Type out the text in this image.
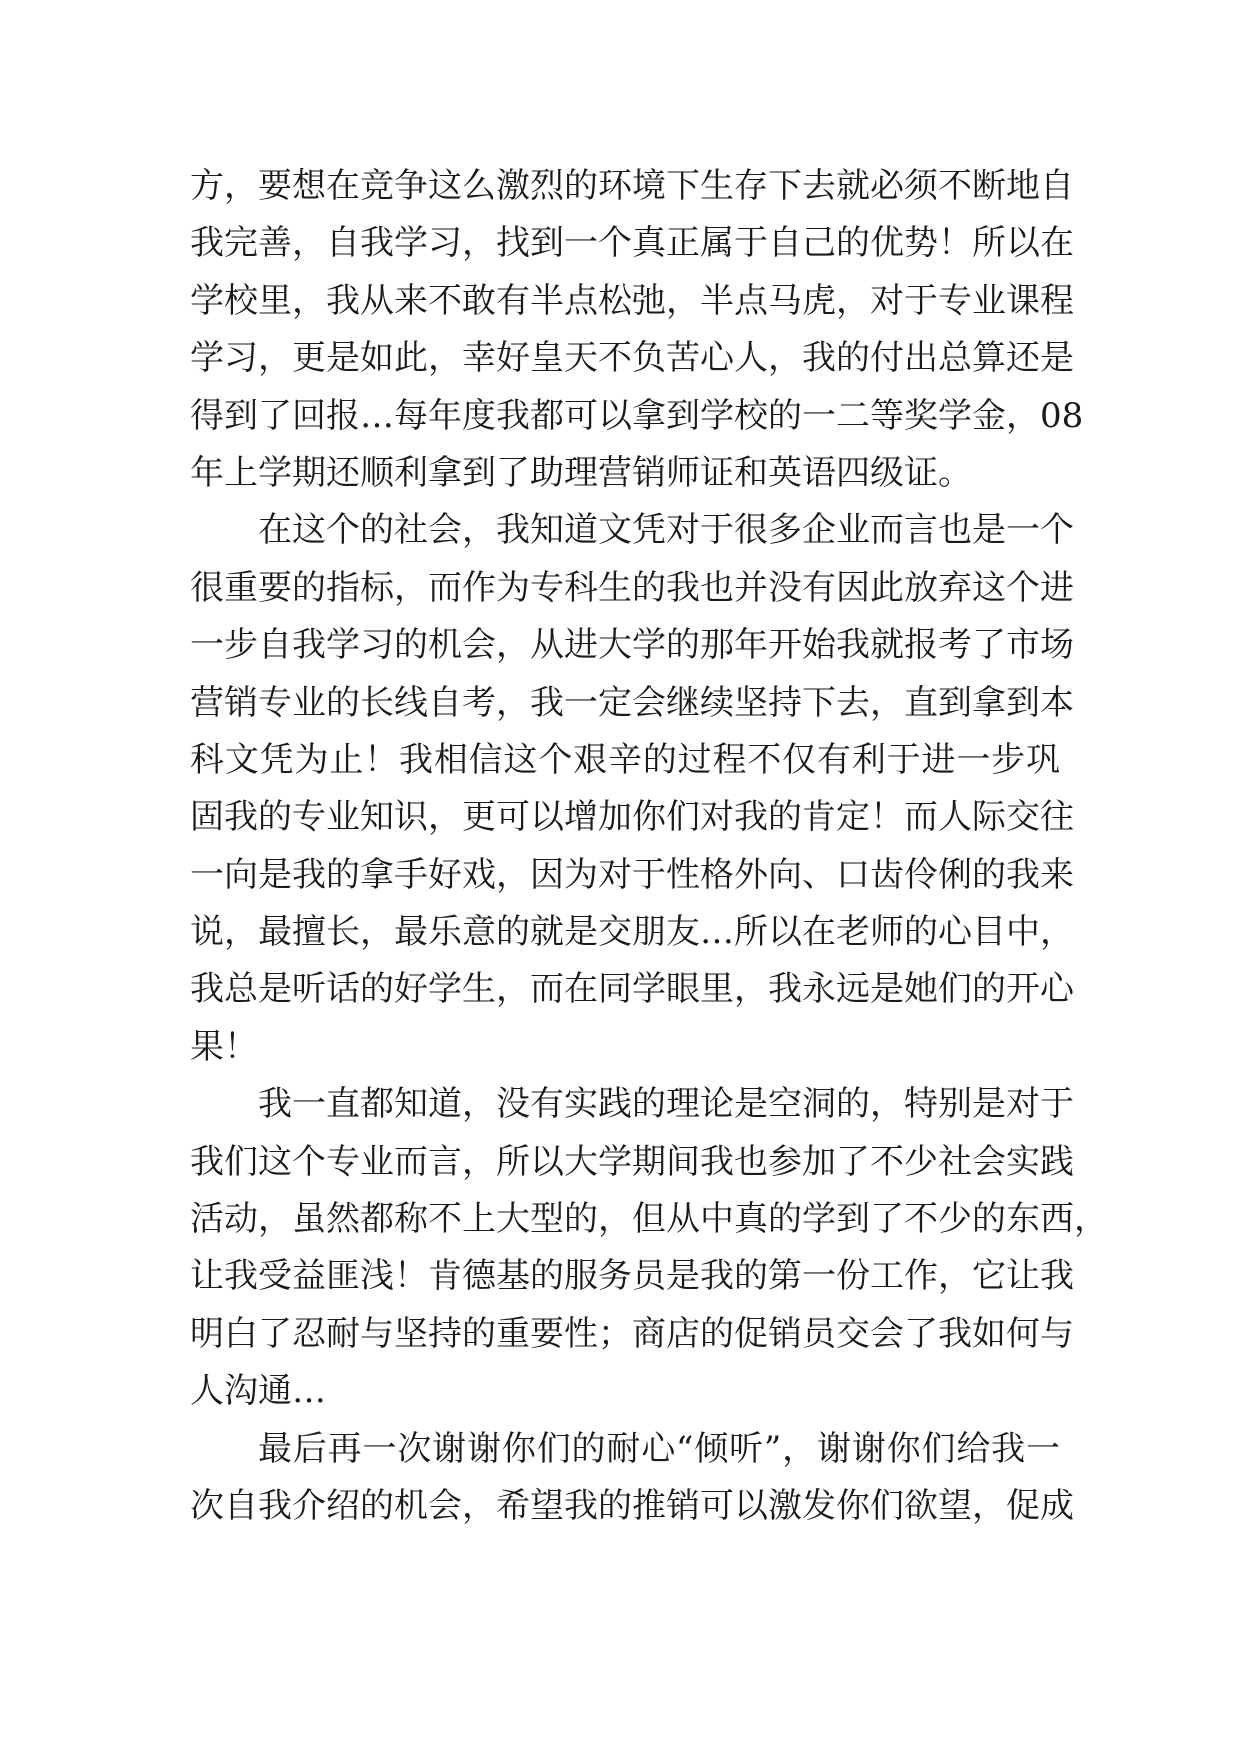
方，要想在竞争这么激烈的环境下生存下去就必须不断地自
我完善，自我学习，找到一个真正属于自己的优势！所以在
学校里，我从来不敢有半点松弛，半点马虎，对于专业课程
学习，更是如此，幸好皇天不负苦心人，我的付出总算还是
得到了回报…每年度我都可以拿到学校的一二等奖学金，08
年上学期还顺利拿到了助理营销师证和英语四级证。
在这个的社会，我知道文凭对于很多企业而言也是一个
很重要的指标，而作为专科生的我也并没有因此放弃这个进
一步自我学习的机会，从进大学的那年开始我就报考了市场
营销专业的长线自考，我一定会继续坚持下去，直到拿到本
科文凭为止！我相信这个艰辛的过程不仅有利于进一步巩
固我的专业知识，更可以增加你们对我的肯定！而人际交往
一向是我的拿手好戏，因为对于性格外向、口齿伶俐的我来
说，最擅长，最乐意的就是交朋友…所以在老师的心目中，
我总是听话的好学生，而在同学眼里，我永远是她们的开心
果！
我一直都知道，没有实践的理论是空洞的，特别是对于
我们这个专业而言，所以大学期间我也参加了不少社会实践
活动，虽然都称不上大型的，但从中真的学到了不少的东西，
让我受益匪浅！肯德基的服务员是我的第一份工作，它让我
明白了忍耐与坚持的重要性；商店的促销员交会了我如何与
人沟通…
最后再一次谢谢你们的耐心“倾听”，谢谢你们给我一
次自我介绍的机会，希望我的推销可以激发你们欲望，促成
